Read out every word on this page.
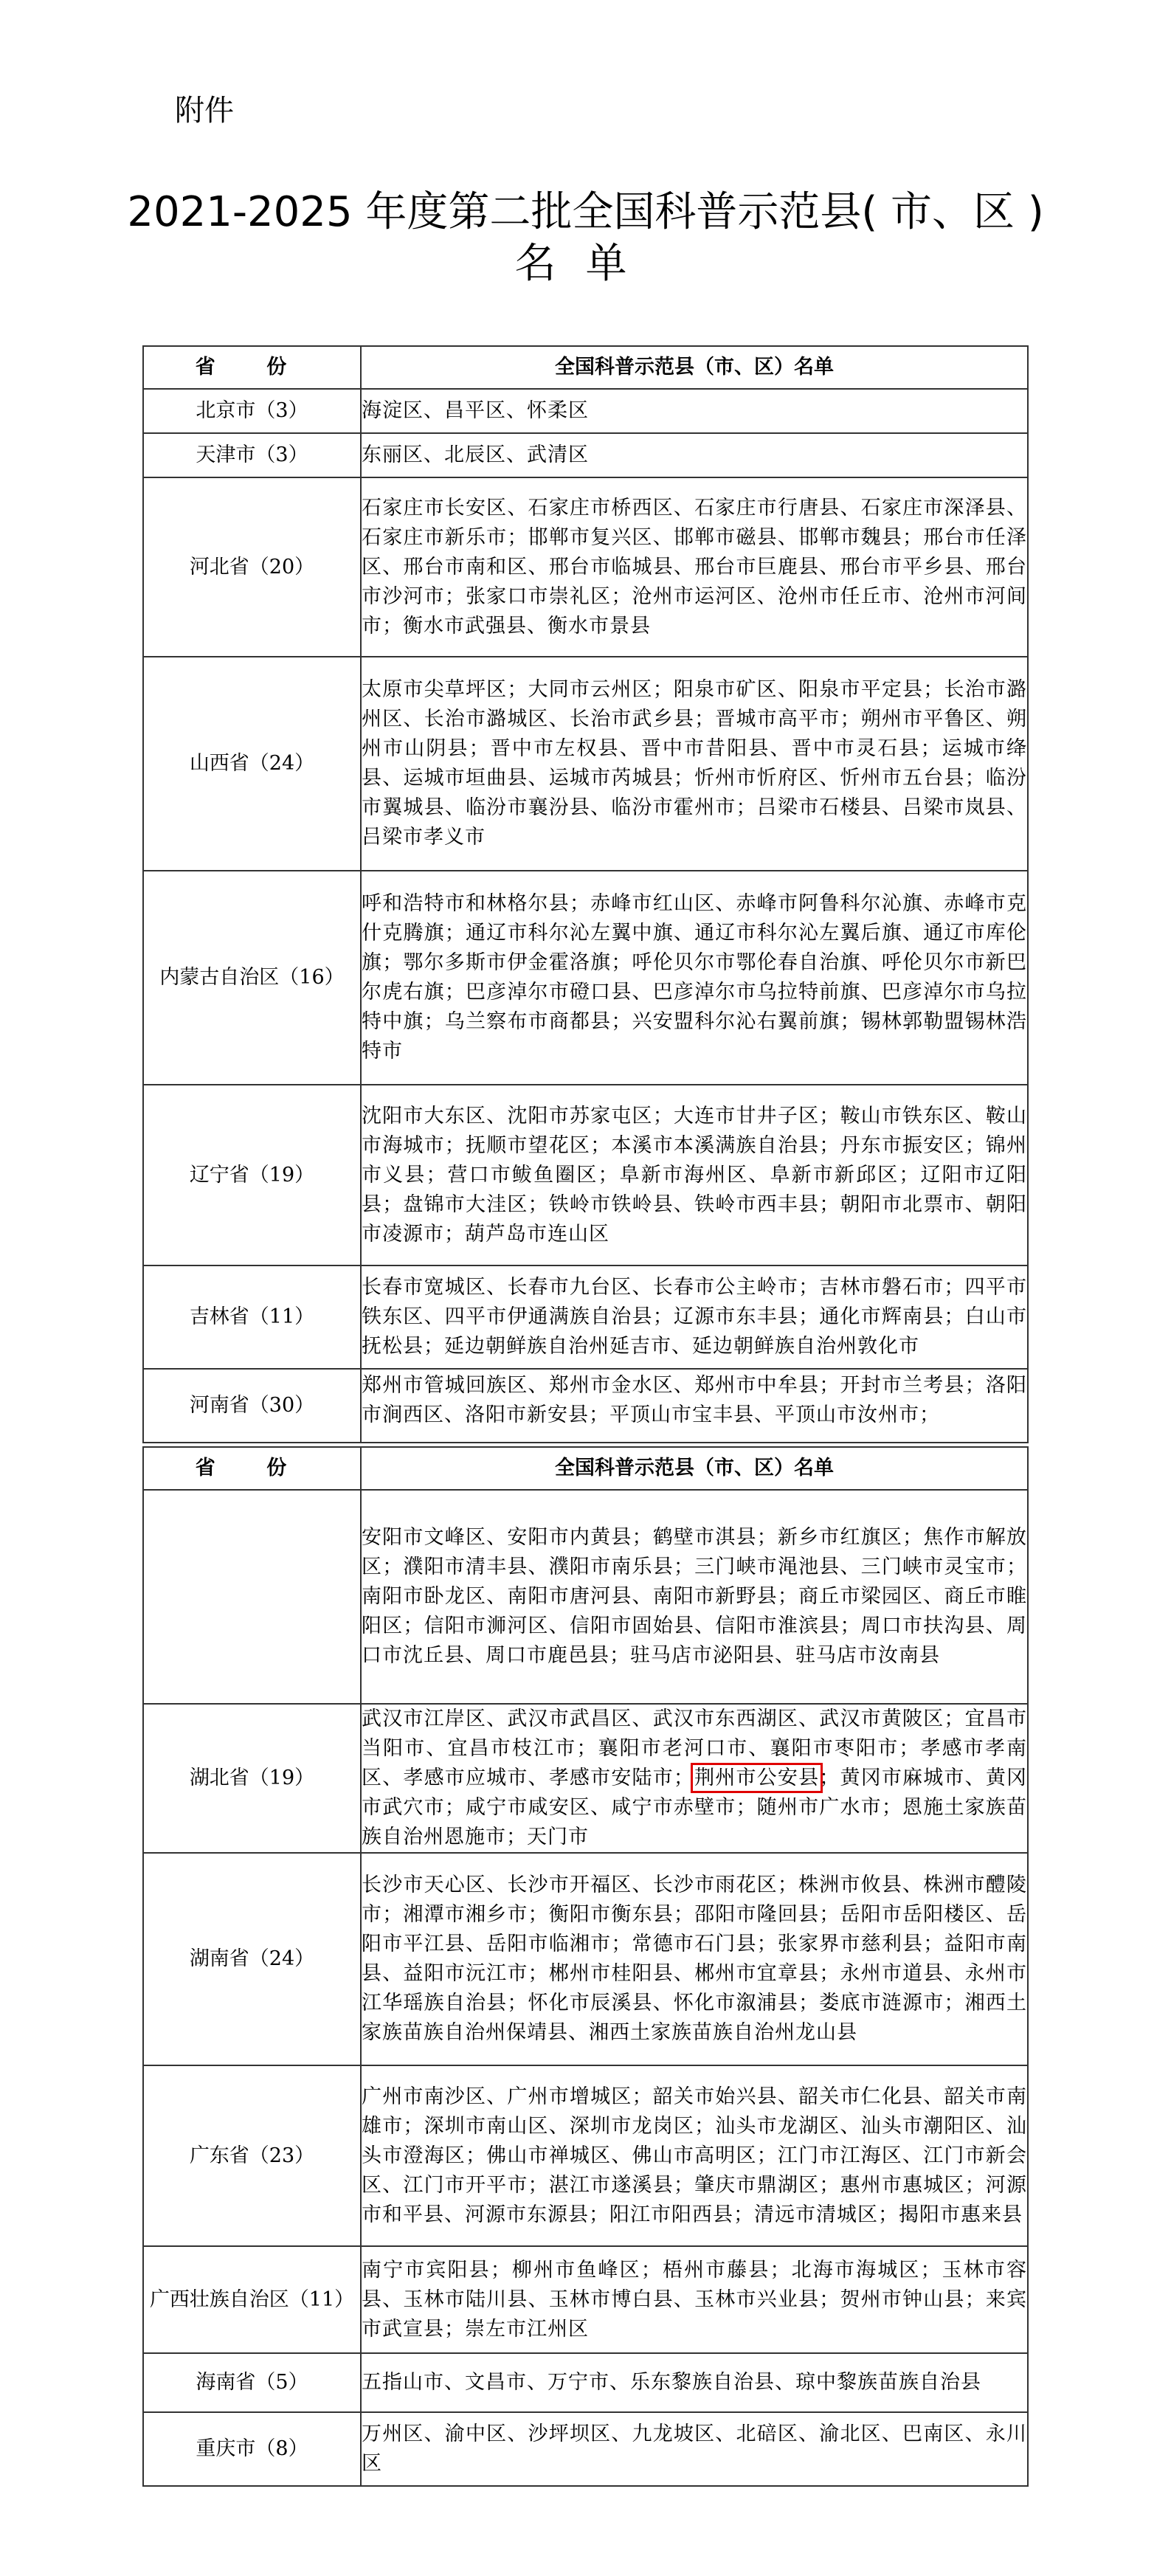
附件
2021-2025 年度第二批全国科普示范县( 市、区 )
名单
省 份	全国科普示范县（市、区）名单
北京市（3）	海淀区、昌平区、怀柔区
天津市（3）	东丽区、北辰区、武清区
河北省（20）	石家庄市长安区、石家庄市桥西区、石家庄市行唐县、石家庄市深泽县、石家庄市新乐市；邯郸市复兴区、邯郸市磁县、邯郸市魏县；邢台市任泽区、邢台市南和区、邢台市临城县、邢台市巨鹿县、邢台市平乡县、邢台市沙河市；张家口市崇礼区；沧州市运河区、沧州市任丘市、沧州市河间市；衡水市武强县、衡水市景县
山西省（24）	太原市尖草坪区；大同市云州区；阳泉市矿区、阳泉市平定县；长治市潞州区、长治市潞城区、长治市武乡县；晋城市高平市；朔州市平鲁区、朔州市山阴县；晋中市左权县、晋中市昔阳县、晋中市灵石县；运城市绛县、运城市垣曲县、运城市芮城县；忻州市忻府区、忻州市五台县；临汾市翼城县、临汾市襄汾县、临汾市霍州市；吕梁市石楼县、吕梁市岚县、吕梁市孝义市
内蒙古自治区（16）	呼和浩特市和林格尔县；赤峰市红山区、赤峰市阿鲁科尔沁旗、赤峰市克什克腾旗；通辽市科尔沁左翼中旗、通辽市科尔沁左翼后旗、通辽市库伦旗；鄂尔多斯市伊金霍洛旗；呼伦贝尔市鄂伦春自治旗、呼伦贝尔市新巴尔虎右旗；巴彦淖尔市磴口县、巴彦淖尔市乌拉特前旗、巴彦淖尔市乌拉特中旗；乌兰察布市商都县；兴安盟科尔沁右翼前旗；锡林郭勒盟锡林浩特市
辽宁省（19）	沈阳市大东区、沈阳市苏家屯区；大连市甘井子区；鞍山市铁东区、鞍山市海城市；抚顺市望花区；本溪市本溪满族自治县；丹东市振安区；锦州市义县；营口市鲅鱼圈区；阜新市海州区、阜新市新邱区；辽阳市辽阳县；盘锦市大洼区；铁岭市铁岭县、铁岭市西丰县；朝阳市北票市、朝阳市凌源市；葫芦岛市连山区
吉林省（11）	长春市宽城区、长春市九台区、长春市公主岭市；吉林市磐石市；四平市铁东区、四平市伊通满族自治县；辽源市东丰县；通化市辉南县；白山市抚松县；延边朝鲜族自治州延吉市、延边朝鲜族自治州敦化市
河南省（30）	郑州市管城回族区、郑州市金水区、郑州市中牟县；开封市兰考县；洛阳市涧西区、洛阳市新安县；平顶山市宝丰县、平顶山市汝州市；
省 份	全国科普示范县（市、区）名单
	安阳市文峰区、安阳市内黄县；鹤壁市淇县；新乡市红旗区；焦作市解放区；濮阳市清丰县、濮阳市南乐县；三门峡市渑池县、三门峡市灵宝市；南阳市卧龙区、南阳市唐河县、南阳市新野县；商丘市梁园区、商丘市睢阳区；信阳市浉河区、信阳市固始县、信阳市淮滨县；周口市扶沟县、周口市沈丘县、周口市鹿邑县；驻马店市泌阳县、驻马店市汝南县
湖北省（19）	武汉市江岸区、武汉市武昌区、武汉市东西湖区、武汉市黄陂区；宜昌市当阳市、宜昌市枝江市；襄阳市老河口市、襄阳市枣阳市；孝感市孝南区、孝感市应城市、孝感市安陆市；荆州市公安县；黄冈市麻城市、黄冈市武穴市；咸宁市咸安区、咸宁市赤壁市；随州市广水市；恩施土家族苗族自治州恩施市；天门市
湖南省（24）	长沙市天心区、长沙市开福区、长沙市雨花区；株洲市攸县、株洲市醴陵市；湘潭市湘乡市；衡阳市衡东县；邵阳市隆回县；岳阳市岳阳楼区、岳阳市平江县、岳阳市临湘市；常德市石门县；张家界市慈利县；益阳市南县、益阳市沅江市；郴州市桂阳县、郴州市宜章县；永州市道县、永州市江华瑶族自治县；怀化市辰溪县、怀化市溆浦县；娄底市涟源市；湘西土家族苗族自治州保靖县、湘西土家族苗族自治州龙山县
广东省（23）	广州市南沙区、广州市增城区；韶关市始兴县、韶关市仁化县、韶关市南雄市；深圳市南山区、深圳市龙岗区；汕头市龙湖区、汕头市潮阳区、汕头市澄海区；佛山市禅城区、佛山市高明区；江门市江海区、江门市新会区、江门市开平市；湛江市遂溪县；肇庆市鼎湖区；惠州市惠城区；河源市和平县、河源市东源县；阳江市阳西县；清远市清城区；揭阳市惠来县
广西壮族自治区（11）	南宁市宾阳县；柳州市鱼峰区；梧州市藤县；北海市海城区；玉林市容县、玉林市陆川县、玉林市博白县、玉林市兴业县；贺州市钟山县；来宾市武宣县；崇左市江州区
海南省（5）	五指山市、文昌市、万宁市、乐东黎族自治县、琼中黎族苗族自治县
重庆市（8）	万州区、渝中区、沙坪坝区、九龙坡区、北碚区、渝北区、巴南区、永川区
